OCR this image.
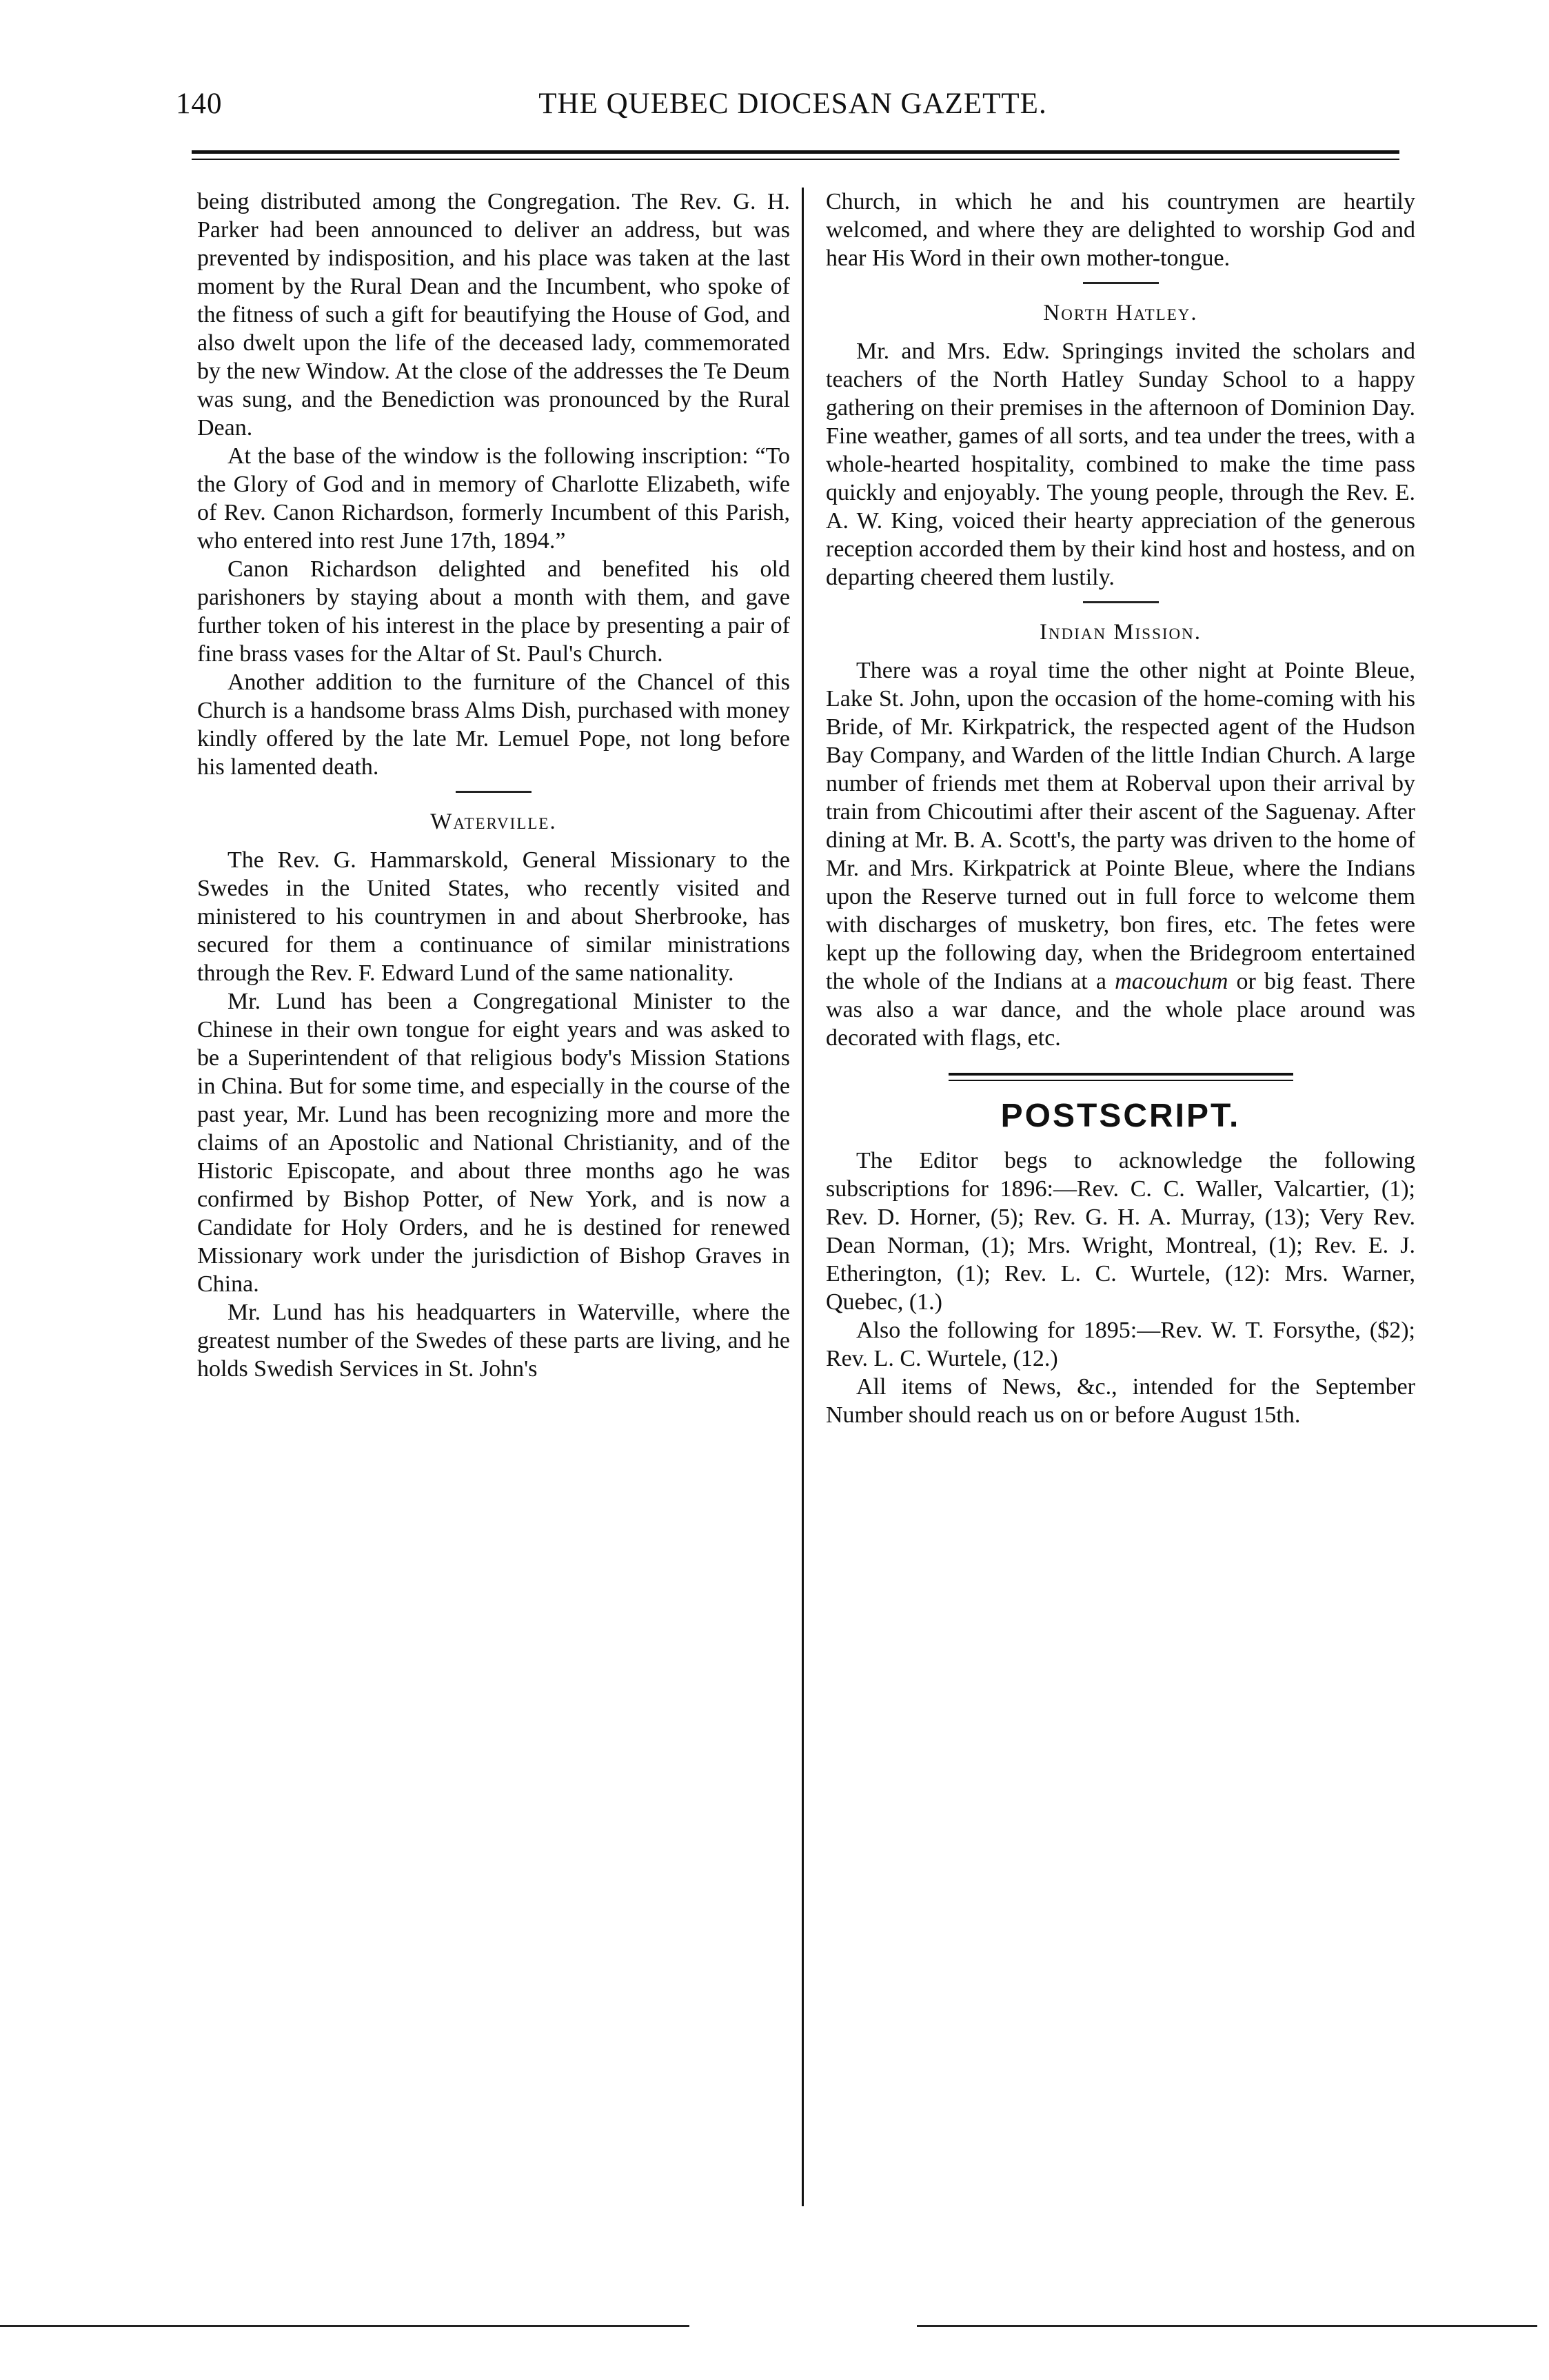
140	THE QUEBEC DIOCESAN GAZETTE.

being distributed among the Congregation. The Rev. G. H. Parker had been announced to deliver an address, but was prevented by indisposition, and his place was taken at the last moment by the Rural Dean and the Incumbent, who spoke of the fitness of such a gift for beautifying the House of God, and also dwelt upon the life of the deceased lady, commemorated by the new Window. At the close of the addresses the Te Deum was sung, and the Benediction was pronounced by the Rural Dean.

At the base of the window is the following inscription: “To the Glory of God and in memory of Charlotte Elizabeth, wife of Rev. Canon Richardson, formerly Incumbent of this Parish, who entered into rest June 17th, 1894.”

Canon Richardson delighted and benefited his old parishoners by staying about a month with them, and gave further token of his interest in the place by presenting a pair of fine brass vases for the Altar of St. Paul's Church.

Another addition to the furniture of the Chancel of this Church is a handsome brass Alms Dish, purchased with money kindly offered by the late Mr. Lemuel Pope, not long before his lamented death.

Waterville.

The Rev. G. Hammarskold, General Missionary to the Swedes in the United States, who recently visited and ministered to his countrymen in and about Sherbrooke, has secured for them a continuance of similar ministrations through the Rev. F. Edward Lund of the same nationality.

Mr. Lund has been a Congregational Minister to the Chinese in their own tongue for eight years and was asked to be a Superintendent of that religious body's Mission Stations in China. But for some time, and especially in the course of the past year, Mr. Lund has been recognizing more and more the claims of an Apostolic and National Christianity, and of the Historic Episcopate, and about three months ago he was confirmed by Bishop Potter, of New York, and is now a Candidate for Holy Orders, and he is destined for renewed Missionary work under the jurisdiction of Bishop Graves in China.

Mr. Lund has his headquarters in Waterville, where the greatest number of the Swedes of these parts are living, and he holds Swedish Services in St. John's

Church, in which he and his countrymen are heartily welcomed, and where they are delighted to worship God and hear His Word in their own mother-tongue.

North Hatley.

Mr. and Mrs. Edw. Springings invited the scholars and teachers of the North Hatley Sunday School to a happy gathering on their premises in the afternoon of Dominion Day. Fine weather, games of all sorts, and tea under the trees, with a whole-hearted hospitality, combined to make the time pass quickly and enjoyably. The young people, through the Rev. E. A. W. King, voiced their hearty appreciation of the generous reception accorded them by their kind host and hostess, and on departing cheered them lustily.

Indian Mission.

There was a royal time the other night at Pointe Bleue, Lake St. John, upon the occasion of the home-coming with his Bride, of Mr. Kirkpatrick, the respected agent of the Hudson Bay Company, and Warden of the little Indian Church. A large number of friends met them at Roberval upon their arrival by train from Chicoutimi after their ascent of the Saguenay. After dining at Mr. B. A. Scott's, the party was driven to the home of Mr. and Mrs. Kirkpatrick at Pointe Bleue, where the Indians upon the Reserve turned out in full force to welcome them with discharges of musketry, bon fires, etc. The fetes were kept up the following day, when the Bridegroom entertained the whole of the Indians at a macouchum or big feast. There was also a war dance, and the whole place around was decorated with flags, etc.

POSTSCRIPT.

The Editor begs to acknowledge the following subscriptions for 1896:—Rev. C. C. Waller, Valcartier, (1); Rev. D. Horner, (5); Rev. G. H. A. Murray, (13); Very Rev. Dean Norman, (1); Mrs. Wright, Montreal, (1); Rev. E. J. Etherington, (1); Rev. L. C. Wurtele, (12): Mrs. Warner, Quebec, (1.)

Also the following for 1895:—Rev. W. T. Forsythe, ($2); Rev. L. C. Wurtele, (12.)

All items of News, &c., intended for the September Number should reach us on or before August 15th.
